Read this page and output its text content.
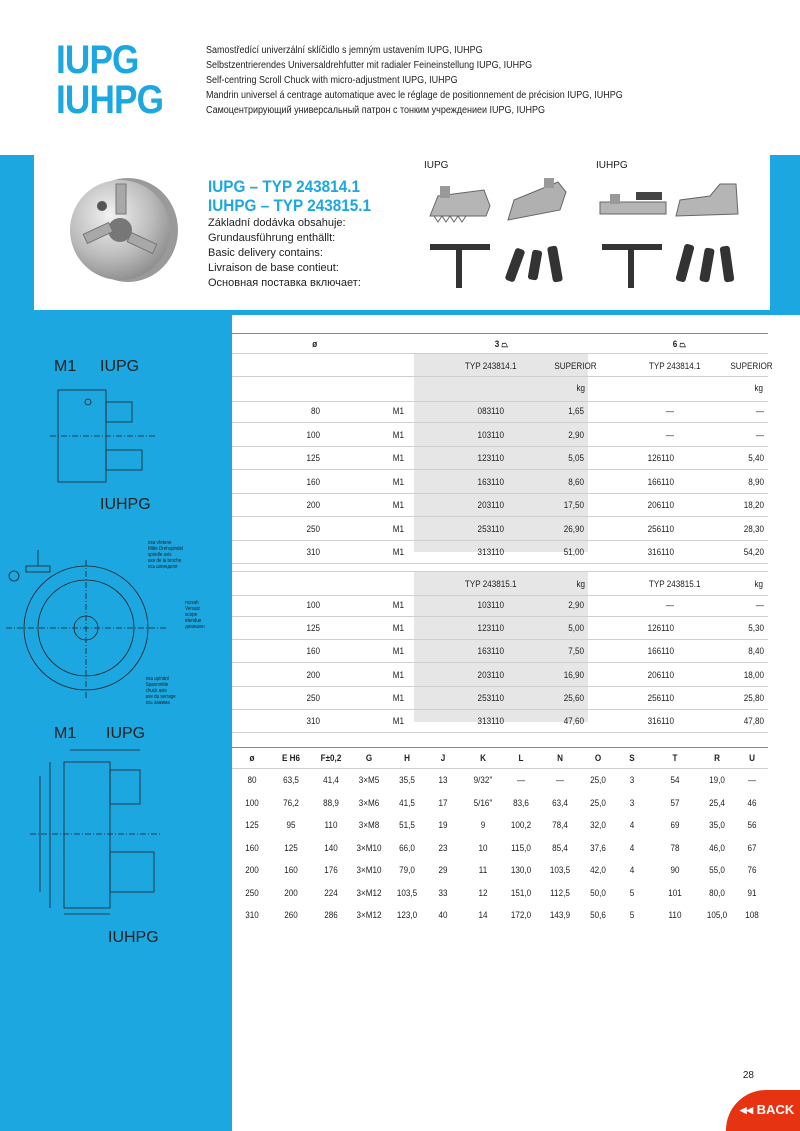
IUPG
IUHPG
Samostředící univerzální sklíčidlo s jemným ustavením IUPG, IUHPG
Selbstzentrierendes Universaldrehfutter mit radialer Feineinstellung IUPG, IUHPG
Self-centring Scroll Chuck with micro-adjustment IUPG, IUHPG
Mandrin universel á centrage automatique avec le réglage de positionnement de précision IUPG, IUHPG
Самоцентрирующий универсальный патрон с тонким учреждениеи IUPG, IUHPG
IUPG – TYP 243814.1
IUHPG – TYP 243815.1
Základní dodávka obsahuje:
Grundausführung enthällt:
Basic delivery contains:
Livraison de base contieut:
Основная поставка включает:
IUPG	IUHPG
M1 IUPG
IUHPG
M1 IUPG
IUHPG
osa vřetene
Mitte Drehspindel
spindle axis
axe de la broche
ось шпинделя
rozsah
Versatz
scope
étendue
диапазон
osa upínání
Spannmitte
chuck axis
axe du serrage
ось зажима
ø	3 ⏢	6 ⏢
TYP 243814.1	SUPERIOR	TYP 243814.1	SUPERIOR
kg	kg
80	M1	083110	1,65	—	—
100	M1	103110	2,90	—	—
125	M1	123110	5,05	126110	5,40
160	M1	163110	8,60	166110	8,90
200	M1	203110	17,50	206110	18,20
250	M1	253110	26,90	256110	28,30
310	M1	313110	51,00	316110	54,20
TYP 243815.1	kg	TYP 243815.1	kg
100	M1	103110	2,90	—	—
125	M1	123110	5,00	126110	5,30
160	M1	163110	7,50	166110	8,40
200	M1	203110	16,90	206110	18,00
250	M1	253110	25,60	256110	25,80
310	M1	313110	47,60	316110	47,80
ø	E H6	F±0,2	G	H	J	K	L	N	O	S	T	R	U
80	63,5	41,4	3×M5	35,5	13	9/32"	—	—	25,0	3	54	19,0	—
100	76,2	88,9	3×M6	41,5	17	5/16"	83,6	63,4	25,0	3	57	25,4	46
125	95	110	3×M8	51,5	19	9	100,2	78,4	32,0	4	69	35,0	56
160	125	140	3×M10	66,0	23	10	115,0	85,4	37,6	4	78	46,0	67
200	160	176	3×M10	79,0	29	11	130,0	103,5	42,0	4	90	55,0	76
250	200	224	3×M12	103,5	33	12	151,0	112,5	50,0	5	101	80,0	91
310	260	286	3×M12	123,0	40	14	172,0	143,9	50,6	5	110	105,0	108
28
◂◂ BACK
